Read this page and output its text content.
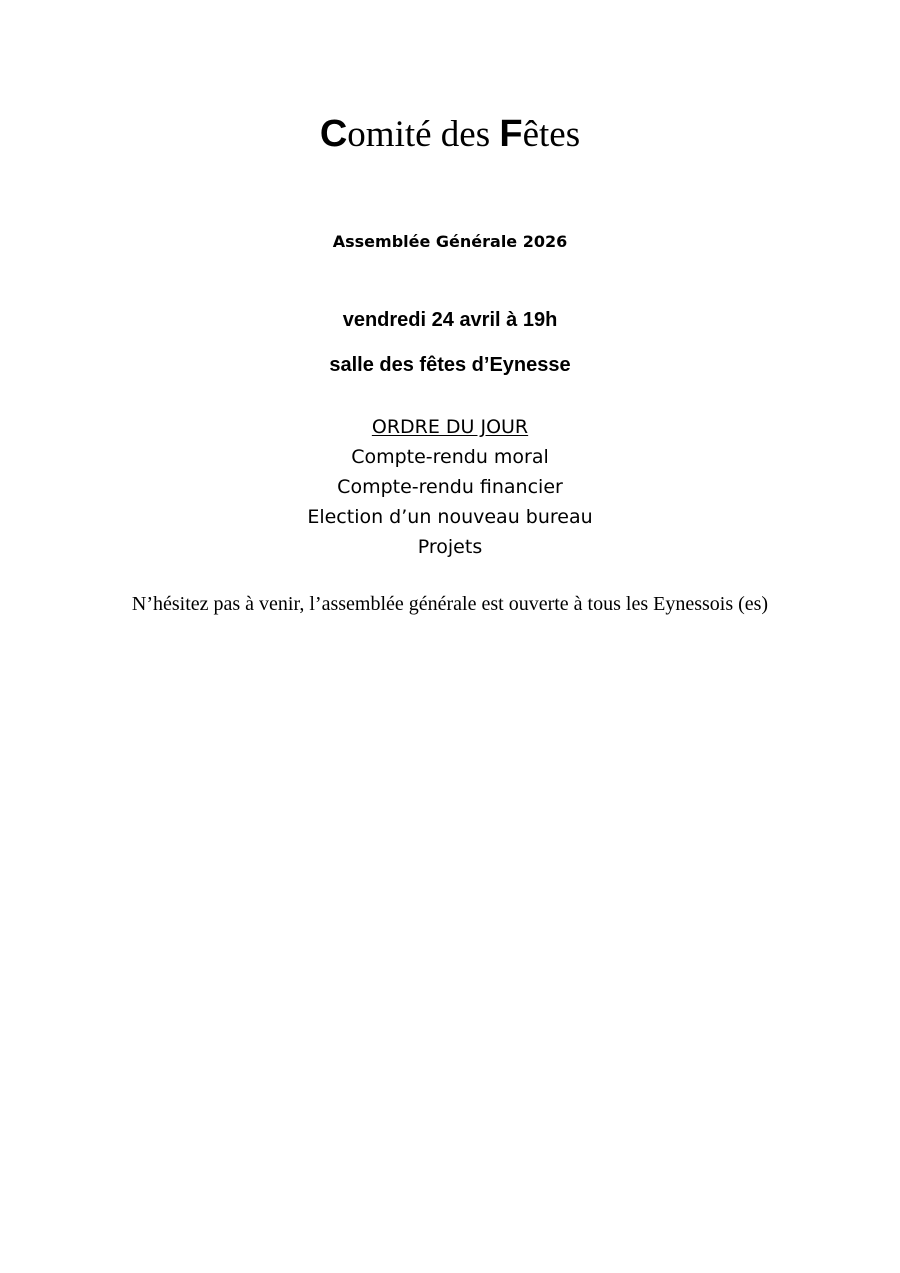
Comité des Fêtes
Assemblée Générale 2026
vendredi 24 avril à 19h
salle des fêtes d’Eynesse
ORDRE DU JOUR
Compte-rendu moral
Compte-rendu financier
Election d’un nouveau bureau
Projets
N’hésitez pas à venir, l’assemblée générale est ouverte à tous les Eynessois (es)
